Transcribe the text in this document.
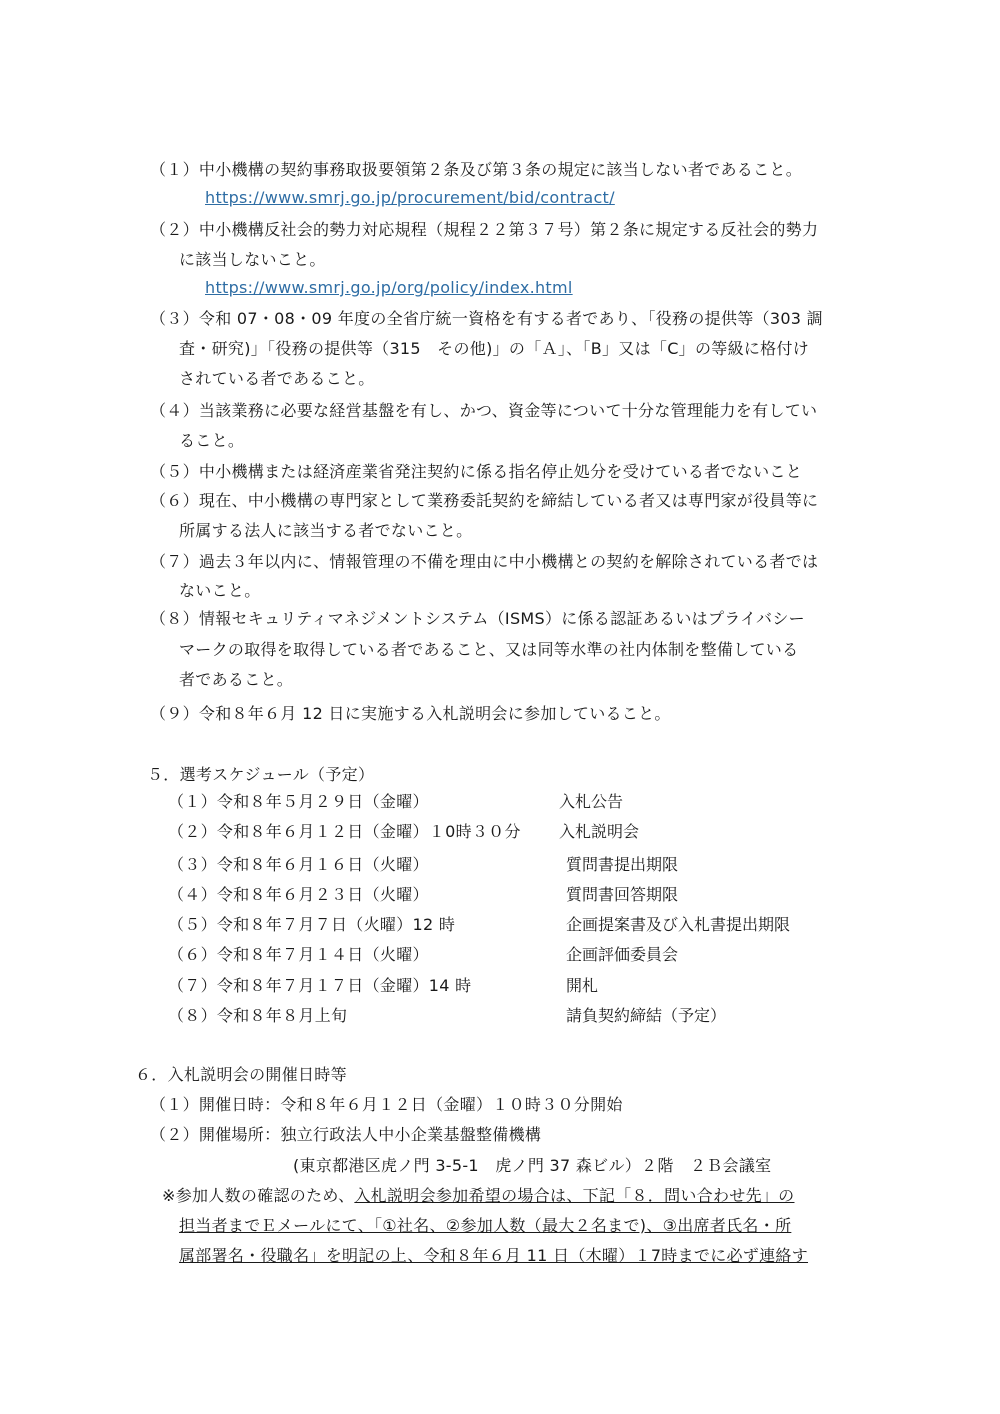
（１）中小機構の契約事務取扱要領第２条及び第３条の規定に該当しない者であること。
https://www.smrj.go.jp/procurement/bid/contract/
（２）中小機構反社会的勢力対応規程（規程２２第３７号）第２条に規定する反社会的勢力
に該当しないこと。
https://www.smrj.go.jp/org/policy/index.html
（３）令和 07・08・09 年度の全省庁統一資格を有する者であり、「役務の提供等（303 調
査・研究)」「役務の提供等（315　その他)」の「Ａ」、「B」又は「C」の等級に格付け
されている者であること。
（４）当該業務に必要な経営基盤を有し、かつ、資金等について十分な管理能力を有してい
ること。
（５）中小機構または経済産業省発注契約に係る指名停止処分を受けている者でないこと
（６）現在、中小機構の専門家として業務委託契約を締結している者又は専門家が役員等に
所属する法人に該当する者でないこと。
（７）過去３年以内に、情報管理の不備を理由に中小機構との契約を解除されている者では
ないこと。
（８）情報セキュリティマネジメントシステム（ISMS）に係る認証あるいはプライバシー
マークの取得を取得している者であること、又は同等水準の社内体制を整備している
者であること。
（９）令和８年６月 12 日に実施する入札説明会に参加していること。
５．選考スケジュール（予定）
（１）令和８年５月２９日（金曜）	入札公告
（２）令和８年６月１２日（金曜）１0時３０分 入札説明会
（３）令和８年６月１６日（火曜）	質問書提出期限
（４）令和８年６月２３日（火曜）	質問書回答期限
（５）令和８年７月７日（火曜）12 時	企画提案書及び入札書提出期限
（６）令和８年７月１４日（火曜）	企画評価委員会
（７）令和８年７月１７日（金曜）14 時	開札
（８）令和８年８月上旬	請負契約締結（予定）
６．入札説明会の開催日時等
（１）開催日時：令和８年６月１２日（金曜）１０時３０分開始
（２）開催場所：独立行政法人中小企業基盤整備機構
(東京都港区虎ノ門 3-5-1　虎ノ門 37 森ビル）２階　２Ｂ会議室
※参加人数の確認のため、入札説明会参加希望の場合は、下記「８．問い合わせ先」の
担当者までＥメールにて、「①社名、②参加人数（最大２名まで)、③出席者氏名・所
属部署名・役職名」を明記の上、令和８年６月 11 日（木曜）１7時までに必ず連絡す
